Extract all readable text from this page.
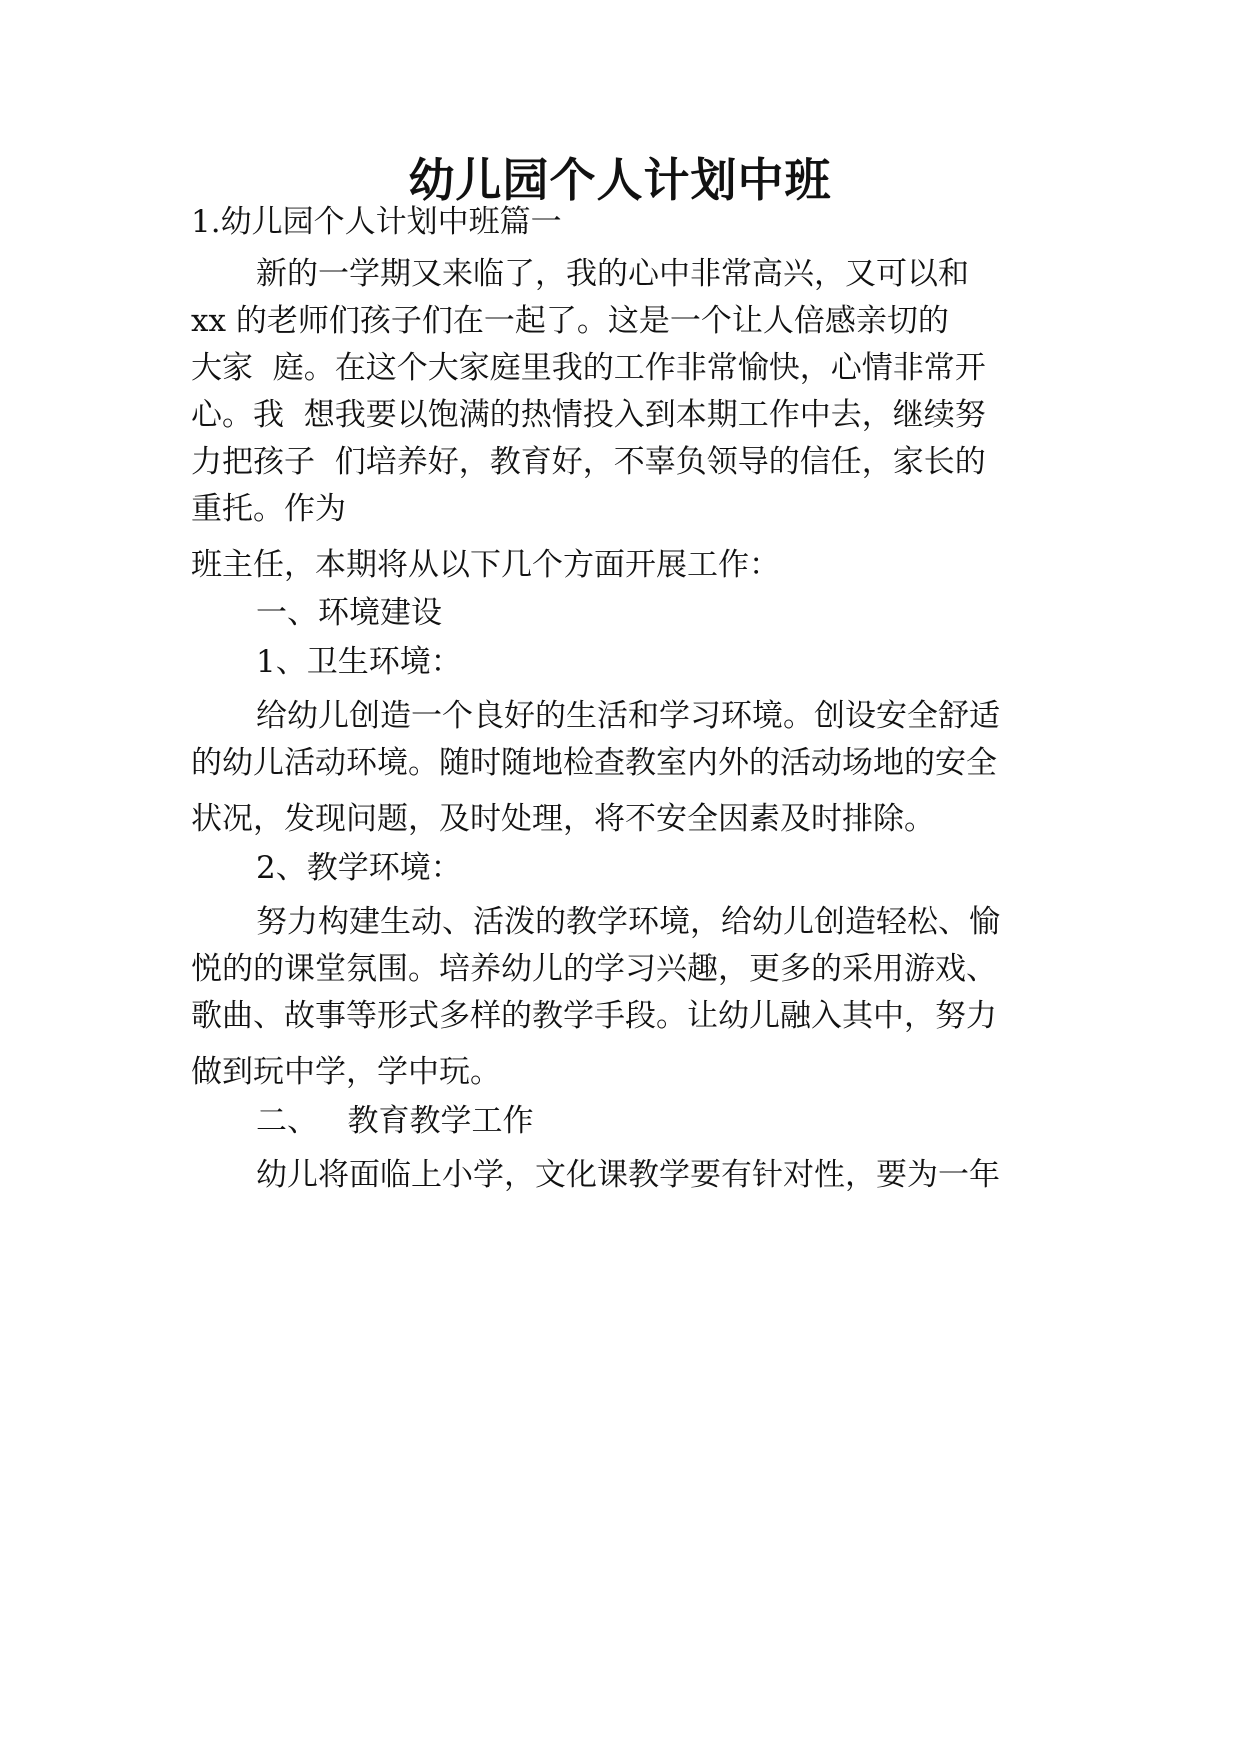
幼儿园个人计划中班

1.幼儿园个人计划中班篇一

新的一学期又来临了，我的心中非常高兴，又可以和

xx 的老师们孩子们在一起了。这是一个让人倍感亲切的

大家  庭。在这个大家庭里我的工作非常愉快，心情非常开

心。我  想我要以饱满的热情投入到本期工作中去，继续努

力把孩子  们培养好，教育好，不辜负领导的信任，家长的

重托。作为

班主任，本期将从以下几个方面开展工作：

一、环境建设

1、卫生环境：

给幼儿创造一个良好的生活和学习环境。创设安全舒适

的幼儿活动环境。随时随地检查教室内外的活动场地的安全

状况，发现问题，及时处理，将不安全因素及时排除。

2、教学环境：

努力构建生动、活泼的教学环境，给幼儿创造轻松、愉

悦的的课堂氛围。培养幼儿的学习兴趣，更多的采用游戏、

歌曲、故事等形式多样的教学手段。让幼儿融入其中，努力

做到玩中学，学中玩。

二、   教育教学工作

幼儿将面临上小学，文化课教学要有针对性，要为一年
